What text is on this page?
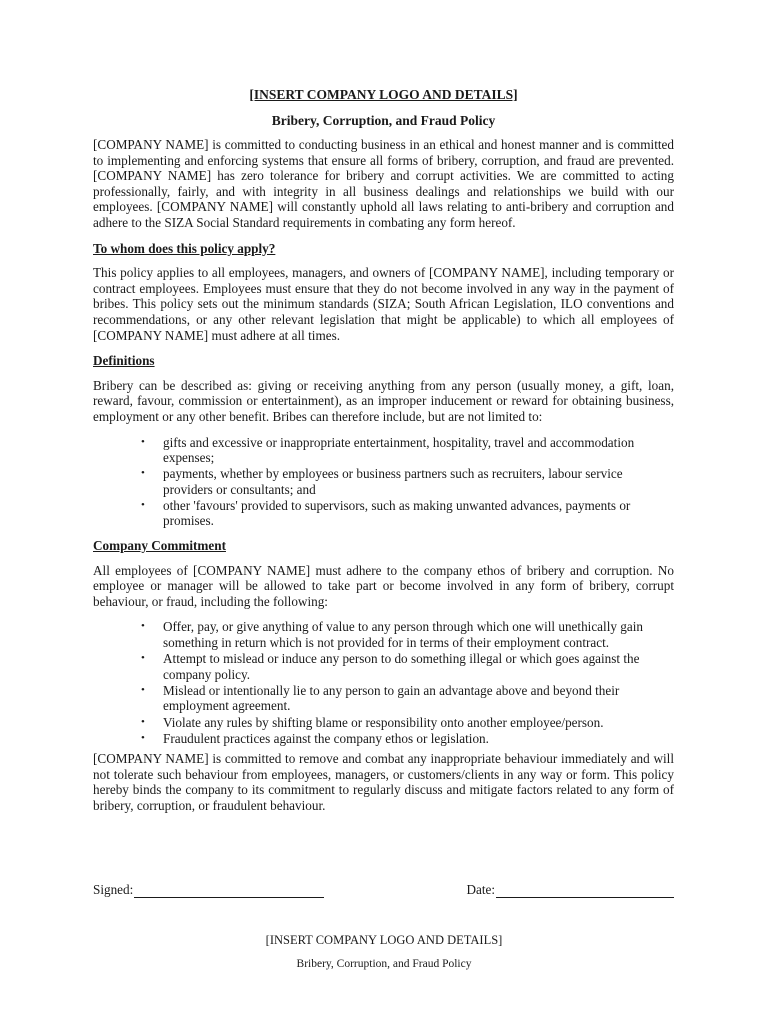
[INSERT COMPANY LOGO AND DETAILS]
Bribery, Corruption, and Fraud Policy

[COMPANY NAME] is committed to conducting business in an ethical and honest manner and is committed to implementing and enforcing systems that ensure all forms of bribery, corruption, and fraud are prevented. [COMPANY NAME] has zero tolerance for bribery and corrupt activities. We are committed to acting professionally, fairly, and with integrity in all business dealings and relationships we build with our employees. [COMPANY NAME] will constantly uphold all laws relating to anti-bribery and corruption and adhere to the SIZA Social Standard requirements in combating any form hereof.

To whom does this policy apply?

This policy applies to all employees, managers, and owners of [COMPANY NAME], including temporary or contract employees. Employees must ensure that they do not become involved in any way in the payment of bribes. This policy sets out the minimum standards (SIZA; South African Legislation, ILO conventions and recommendations, or any other relevant legislation that might be applicable) to which all employees of [COMPANY NAME] must adhere at all times.

Definitions

Bribery can be described as: giving or receiving anything from any person (usually money, a gift, loan, reward, favour, commission or entertainment), as an improper inducement or reward for obtaining business, employment or any other benefit. Bribes can therefore include, but are not limited to:

• gifts and excessive or inappropriate entertainment, hospitality, travel and accommodation expenses;
• payments, whether by employees or business partners such as recruiters, labour service providers or consultants; and
• other 'favours' provided to supervisors, such as making unwanted advances, payments or promises.
Company Commitment

All employees of [COMPANY NAME] must adhere to the company ethos of bribery and corruption. No employee or manager will be allowed to take part or become involved in any form of bribery, corrupt behaviour, or fraud, including the following:

• Offer, pay, or give anything of value to any person through which one will unethically gain something in return which is not provided for in terms of their employment contract.
• Attempt to mislead or induce any person to do something illegal or which goes against the company policy.
• Mislead or intentionally lie to any person to gain an advantage above and beyond their employment agreement.
• Violate any rules by shifting blame or responsibility onto another employee/person.
• Fraudulent practices against the company ethos or legislation.

[COMPANY NAME] is committed to remove and combat any inappropriate behaviour immediately and will not tolerate such behaviour from employees, managers, or customers/clients in any way or form. This policy hereby binds the company to its commitment to regularly discuss and mitigate factors related to any form of bribery, corruption, or fraudulent behaviour.

Signed:	Date:
[INSERT COMPANY LOGO AND DETAILS]
Bribery, Corruption, and Fraud Policy
